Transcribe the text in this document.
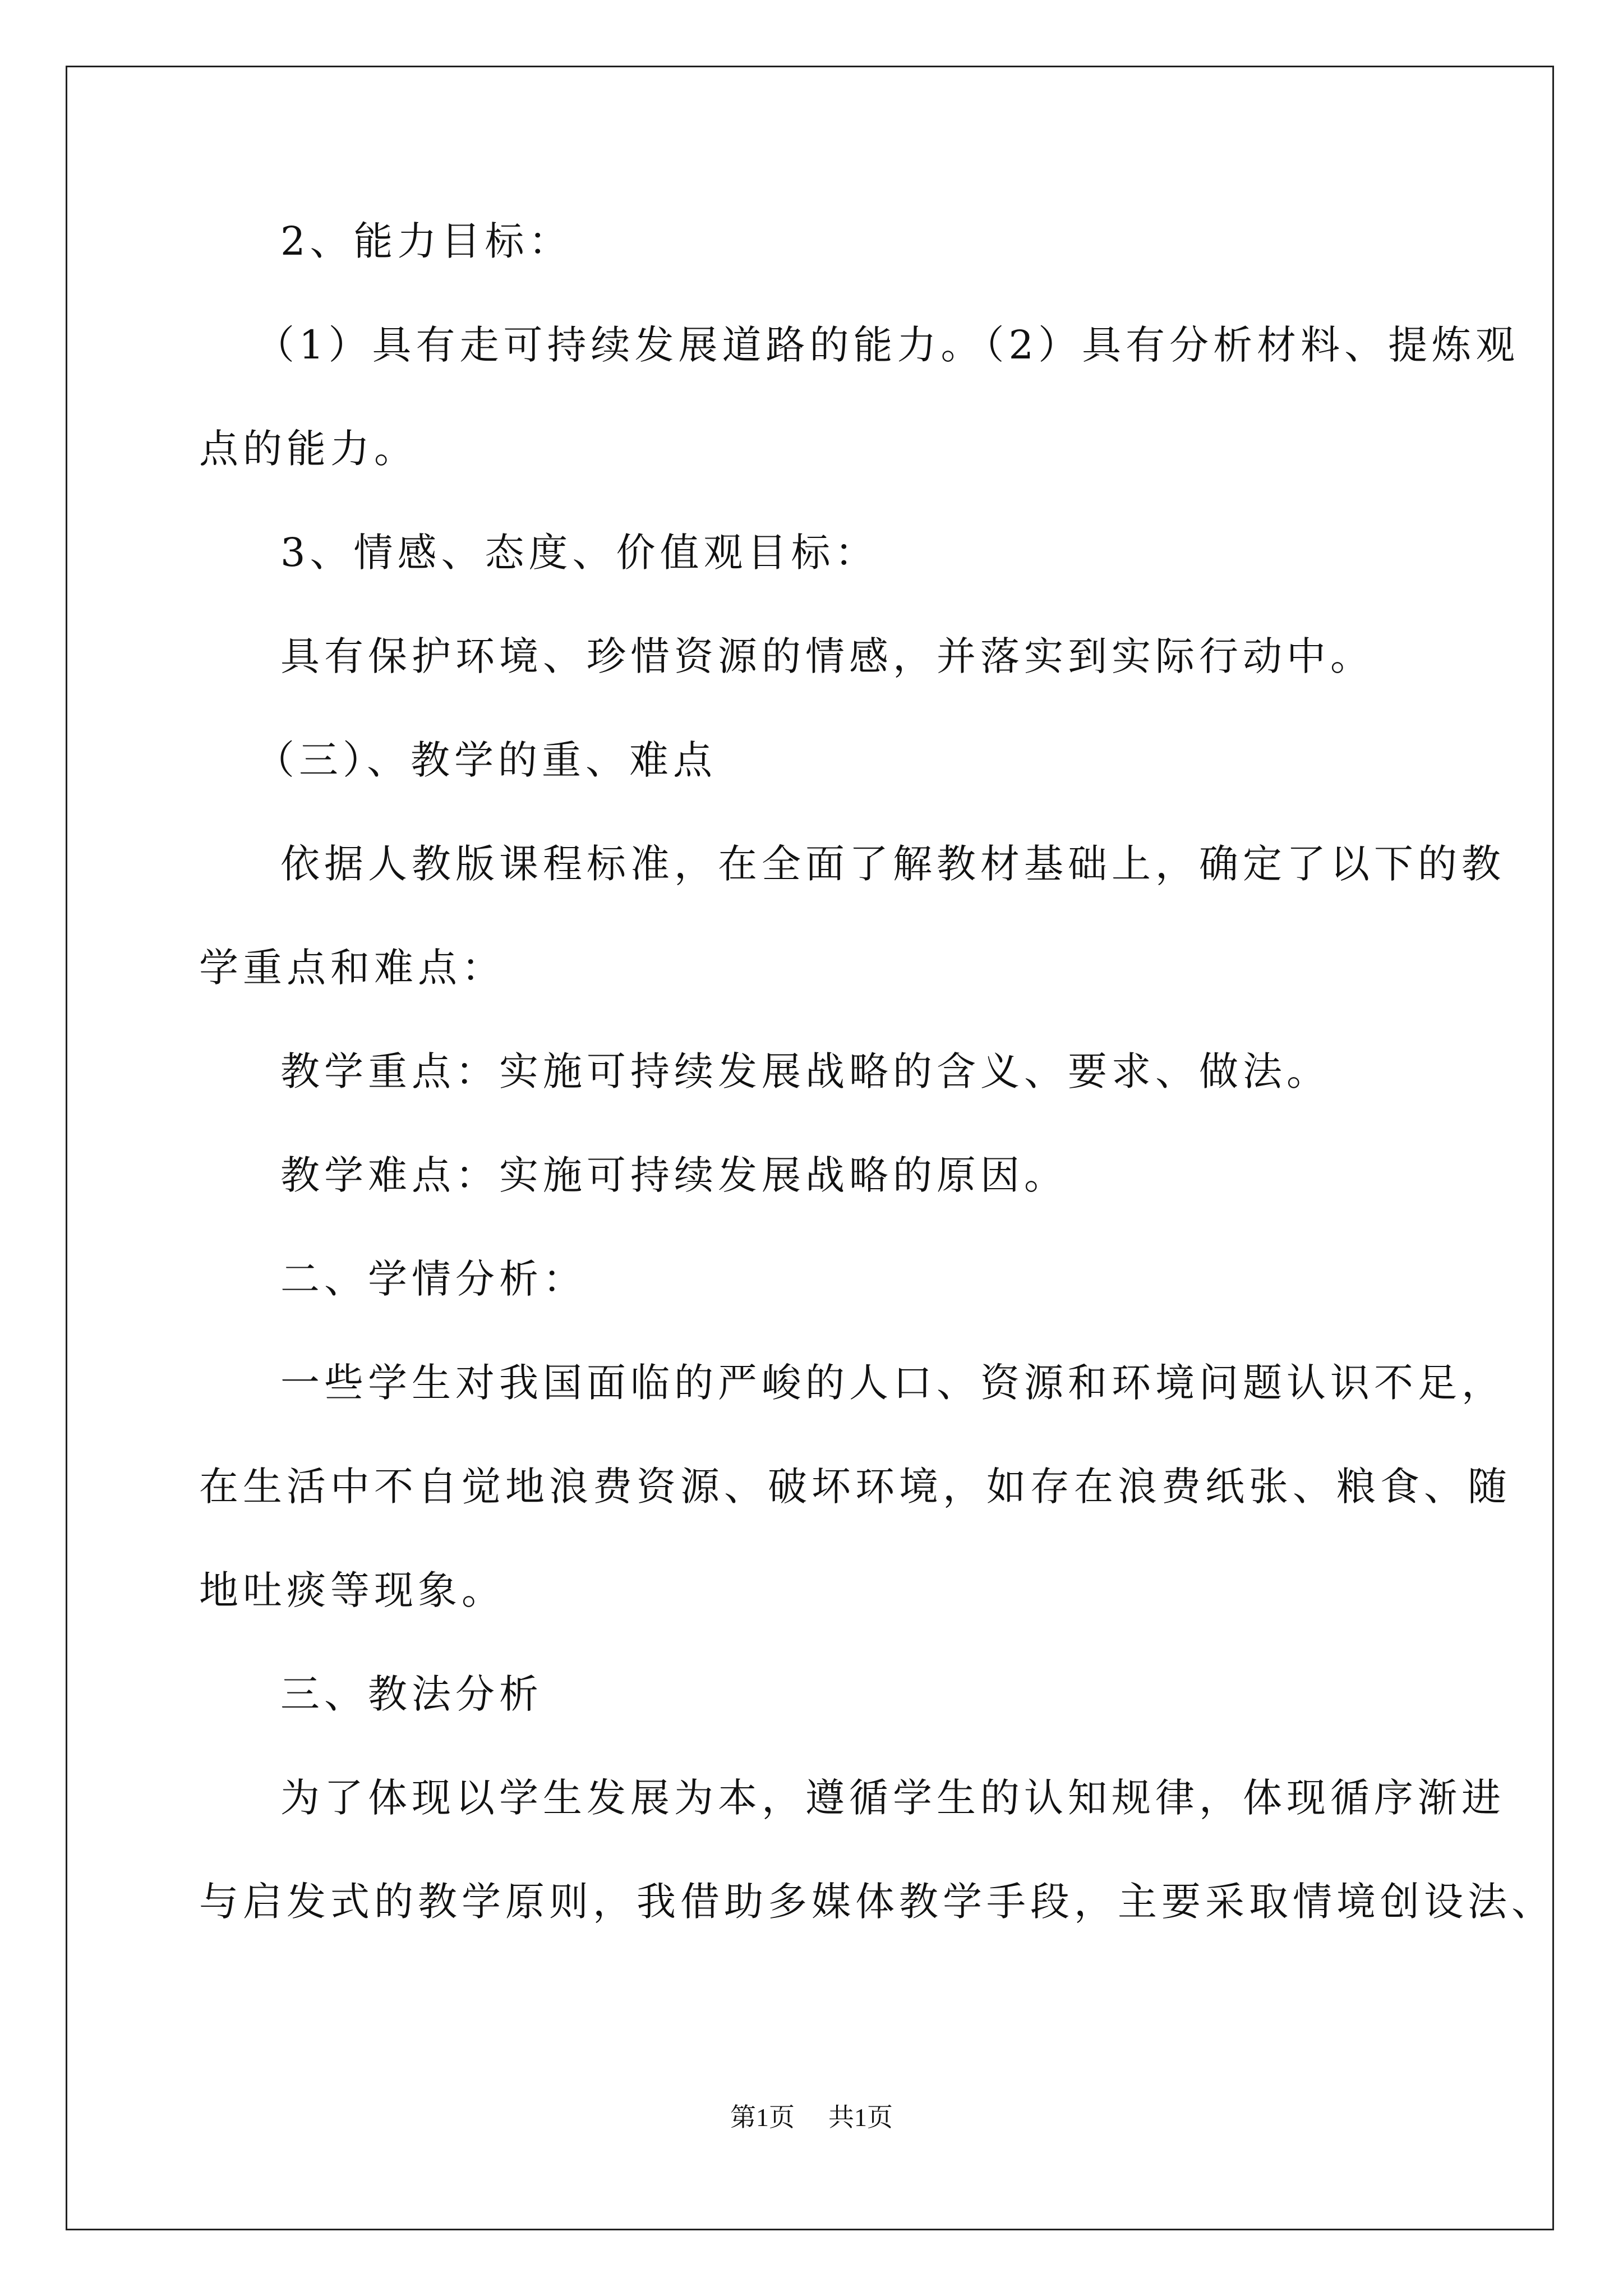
2、能力目标：
（1）具有走可持续发展道路的能力。（2）具有分析材料、提炼观
点的能力。
3、情感、态度、价值观目标：
具有保护环境、珍惜资源的情感，并落实到实际行动中。
（三）、教学的重、难点
依据人教版课程标准，在全面了解教材基础上，确定了以下的教
学重点和难点：
教学重点：实施可持续发展战略的含义、要求、做法。
教学难点：实施可持续发展战略的原因。
二、学情分析：
一些学生对我国面临的严峻的人口、资源和环境问题认识不足，
在生活中不自觉地浪费资源、破坏环境，如存在浪费纸张、粮食、随
地吐痰等现象。
三、教法分析
为了体现以学生发展为本，遵循学生的认知规律，体现循序渐进
与启发式的教学原则，我借助多媒体教学手段，主要采取情境创设法、
第1页 共1页
